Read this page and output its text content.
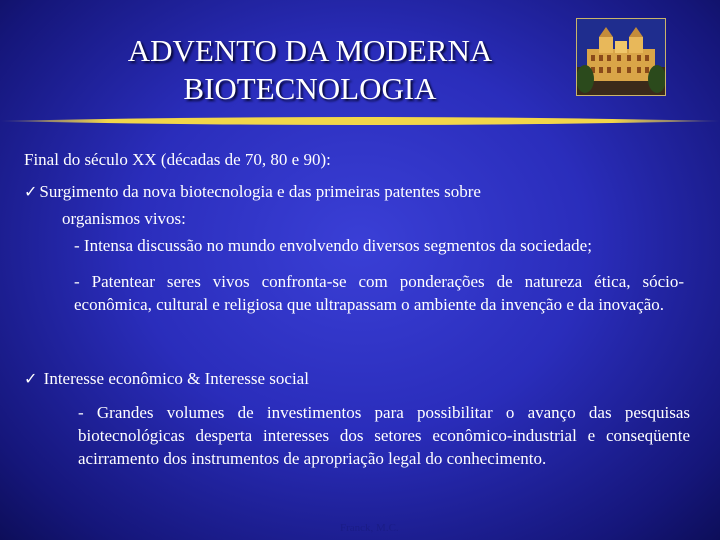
ADVENTO DA MODERNA
BIOTECNOLOGIA
Final do século XX (décadas de 70, 80 e 90):
✓ Surgimento da nova biotecnologia e das primeiras patentes sobre
organismos vivos:
- Intensa discussão no mundo envolvendo diversos segmentos da sociedade;
- Patentear seres vivos confronta-se com ponderações de natureza ética, sócio-econômica, cultural e religiosa que ultrapassam o ambiente da invenção e da inovação.
✓ Interesse econômico & Interesse social
- Grandes volumes de investimentos para possibilitar o avanço das pesquisas biotecnológicas desperta interesses dos setores econômico-industrial e conseqüente acirramento dos instrumentos de apropriação legal do conhecimento.
Franck, M.C.
